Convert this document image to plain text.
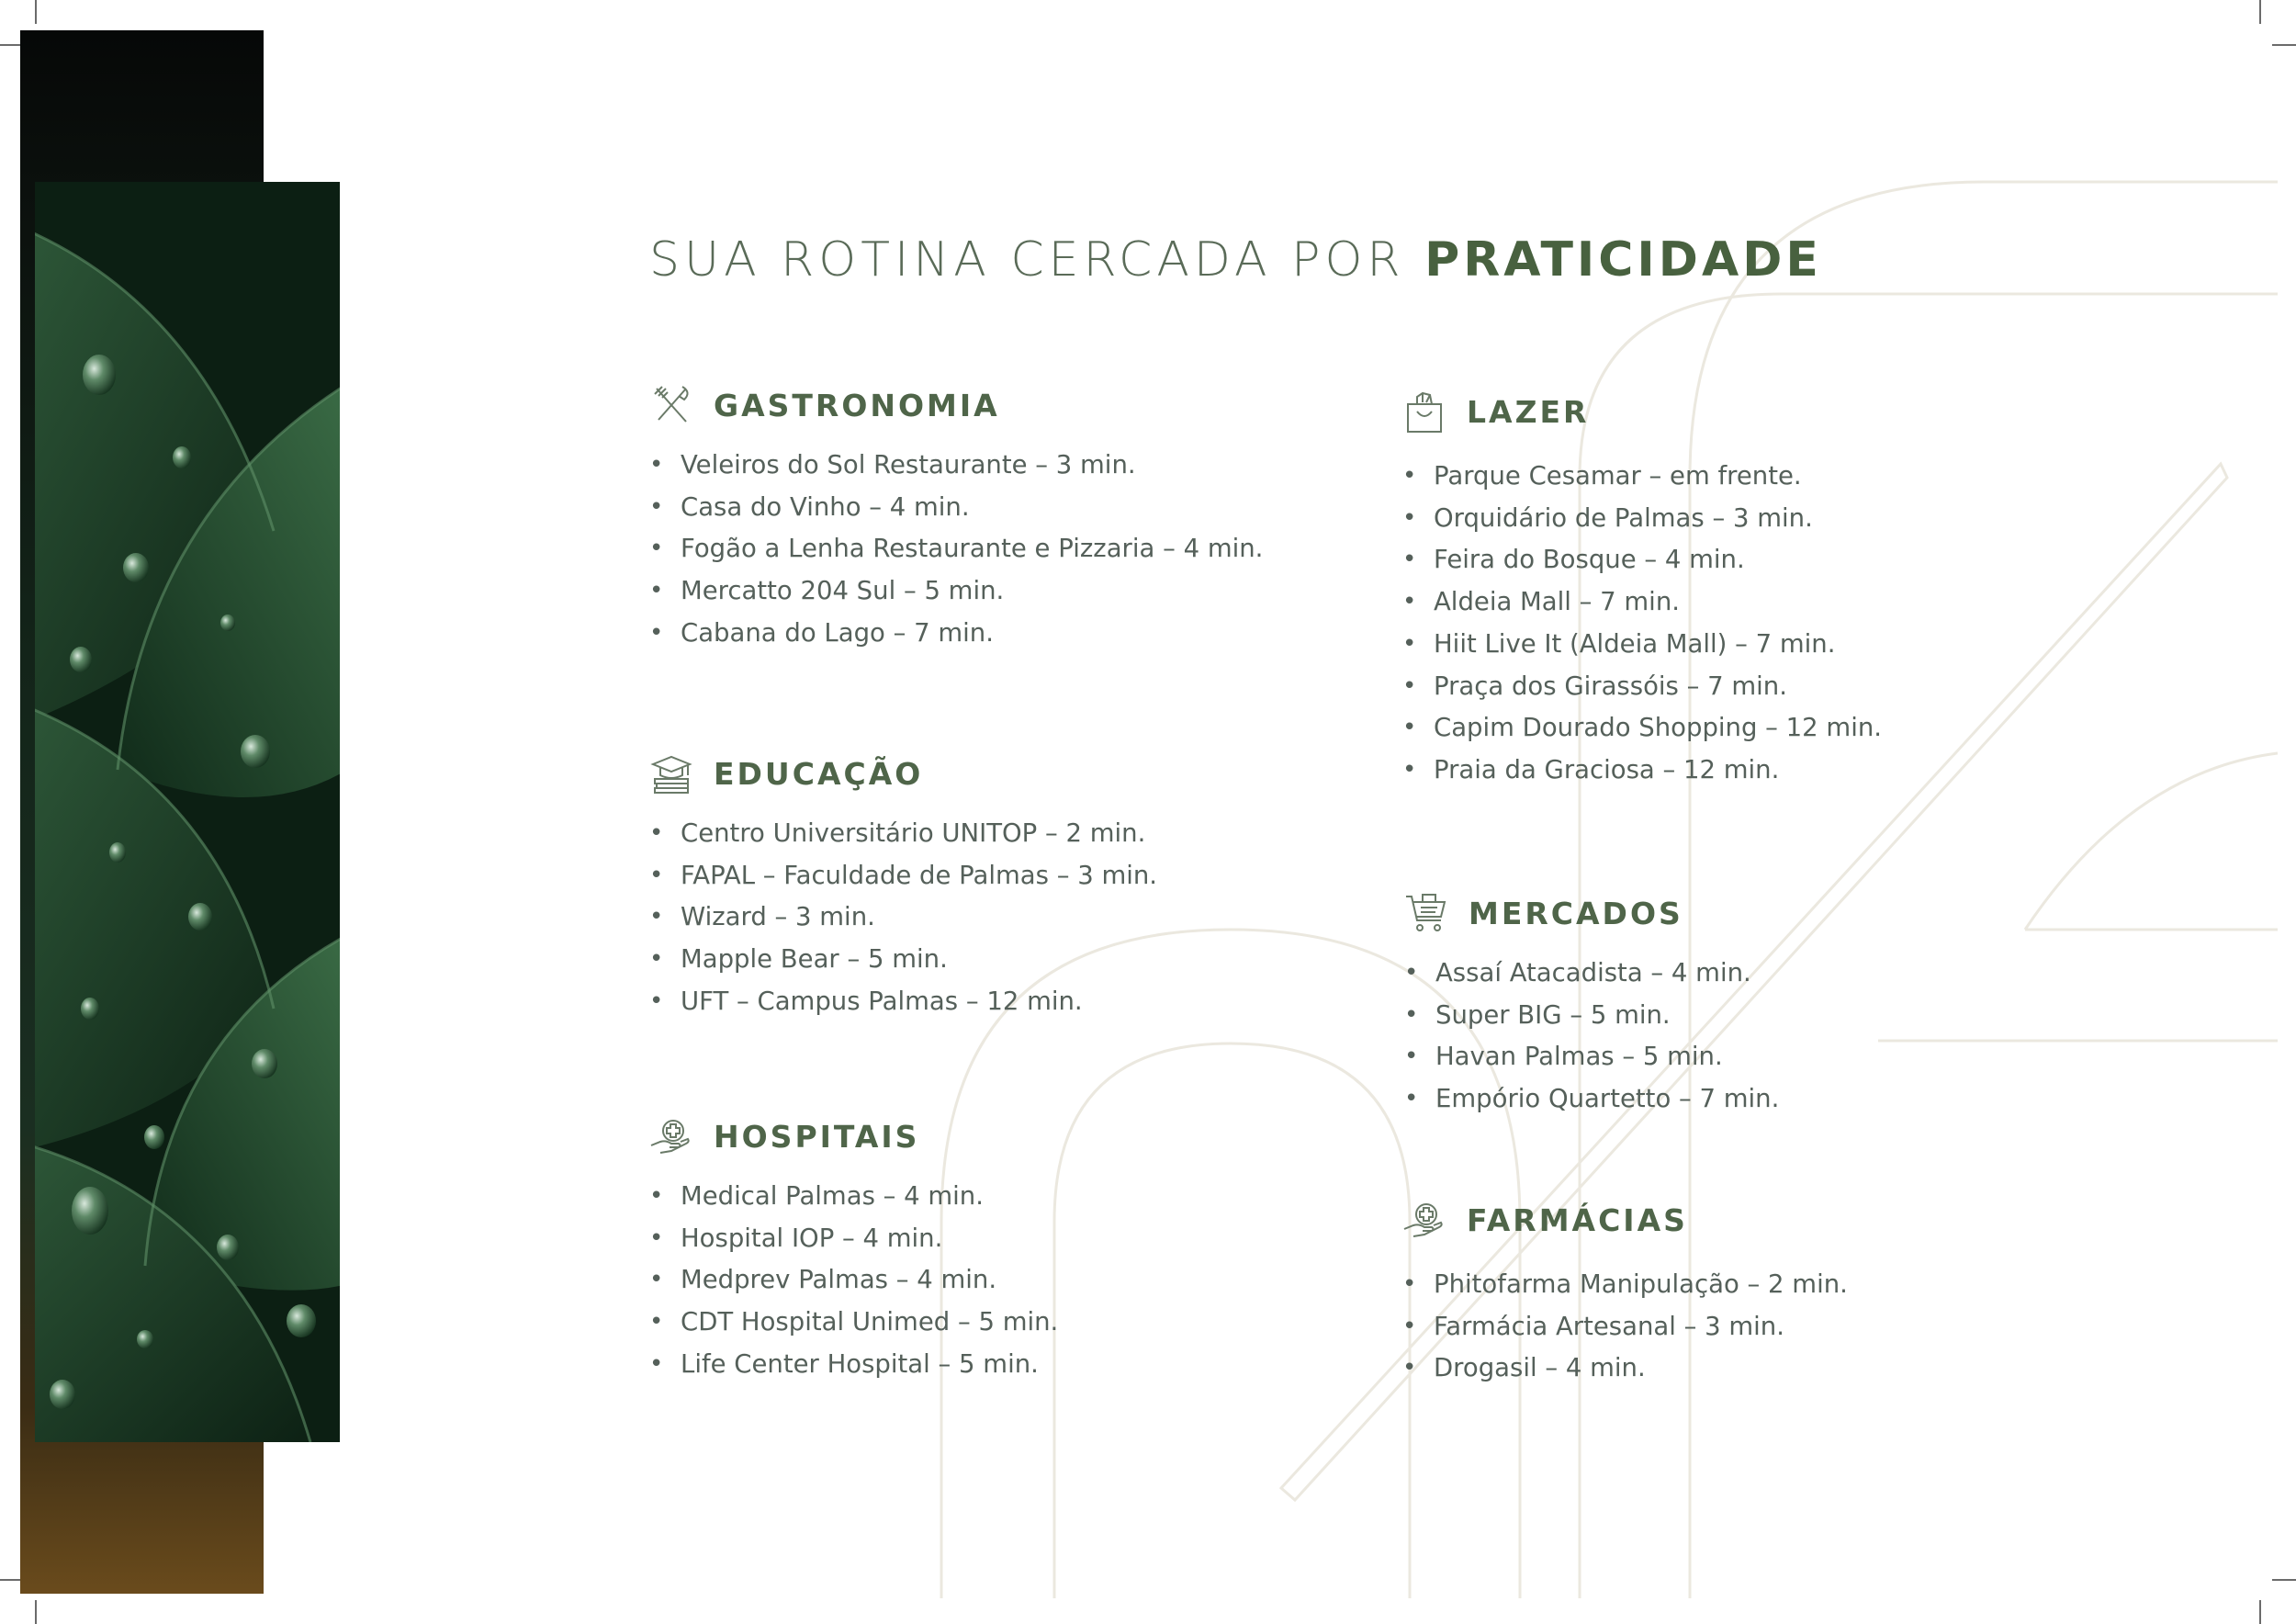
SUA ROTINA CERCADA POR PRATICIDADE
GASTRONOMIA
• Veleiros do Sol Restaurante – 3 min.
• Casa do Vinho – 4 min.
• Fogão a Lenha Restaurante e Pizzaria – 4 min.
• Mercatto 204 Sul – 5 min.
• Cabana do Lago – 7 min.
EDUCAÇÃO
• Centro Universitário UNITOP – 2 min.
• FAPAL – Faculdade de Palmas – 3 min.
• Wizard – 3 min.
• Mapple Bear – 5 min.
• UFT – Campus Palmas – 12 min.
HOSPITAIS
• Medical Palmas – 4 min.
• Hospital IOP – 4 min.
• Medprev Palmas – 4 min.
• CDT Hospital Unimed – 5 min.
• Life Center Hospital – 5 min.
LAZER
• Parque Cesamar – em frente.
• Orquidário de Palmas – 3 min.
• Feira do Bosque – 4 min.
• Aldeia Mall – 7 min.
• Hiit Live It (Aldeia Mall) – 7 min.
• Praça dos Girassóis – 7 min.
• Capim Dourado Shopping – 12 min.
• Praia da Graciosa – 12 min.
MERCADOS
• Assaí Atacadista – 4 min.
• Super BIG – 5 min.
• Havan Palmas – 5 min.
• Empório Quartetto – 7 min.
FARMÁCIAS
• Phitofarma Manipulação – 2 min.
• Farmácia Artesanal – 3 min.
• Drogasil – 4 min.
